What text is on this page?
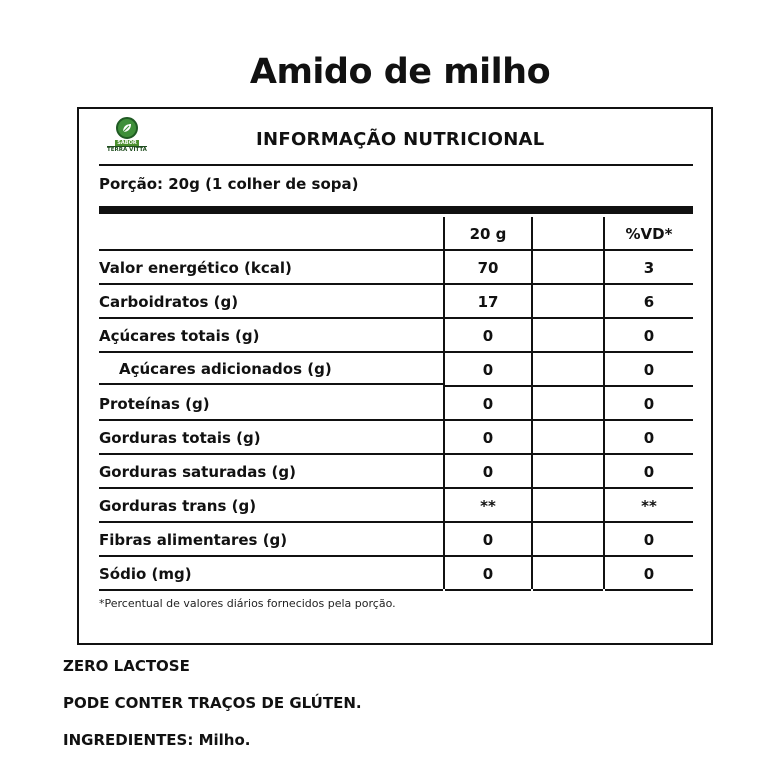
Amido de milho
SABOR
TERRA VITTA	INFORMAÇÃO NUTRICIONAL
Porção: 20g (1 colher de sopa)
20 g	%VD*
Valor energético (kcal)	70	3
Carboidratos (g)	17	6
Açúcares totais (g)	0	0
Açúcares adicionados (g)	0	0
Proteínas (g)	0	0
Gorduras totais (g)	0	0
Gorduras saturadas (g)	0	0
Gorduras trans (g)	**	**
Fibras alimentares (g)	0	0
Sódio (mg)	0	0
*Percentual de valores diários fornecidos pela porção.
ZERO LACTOSE
PODE CONTER TRAÇOS DE GLÚTEN.
INGREDIENTES: Milho.
